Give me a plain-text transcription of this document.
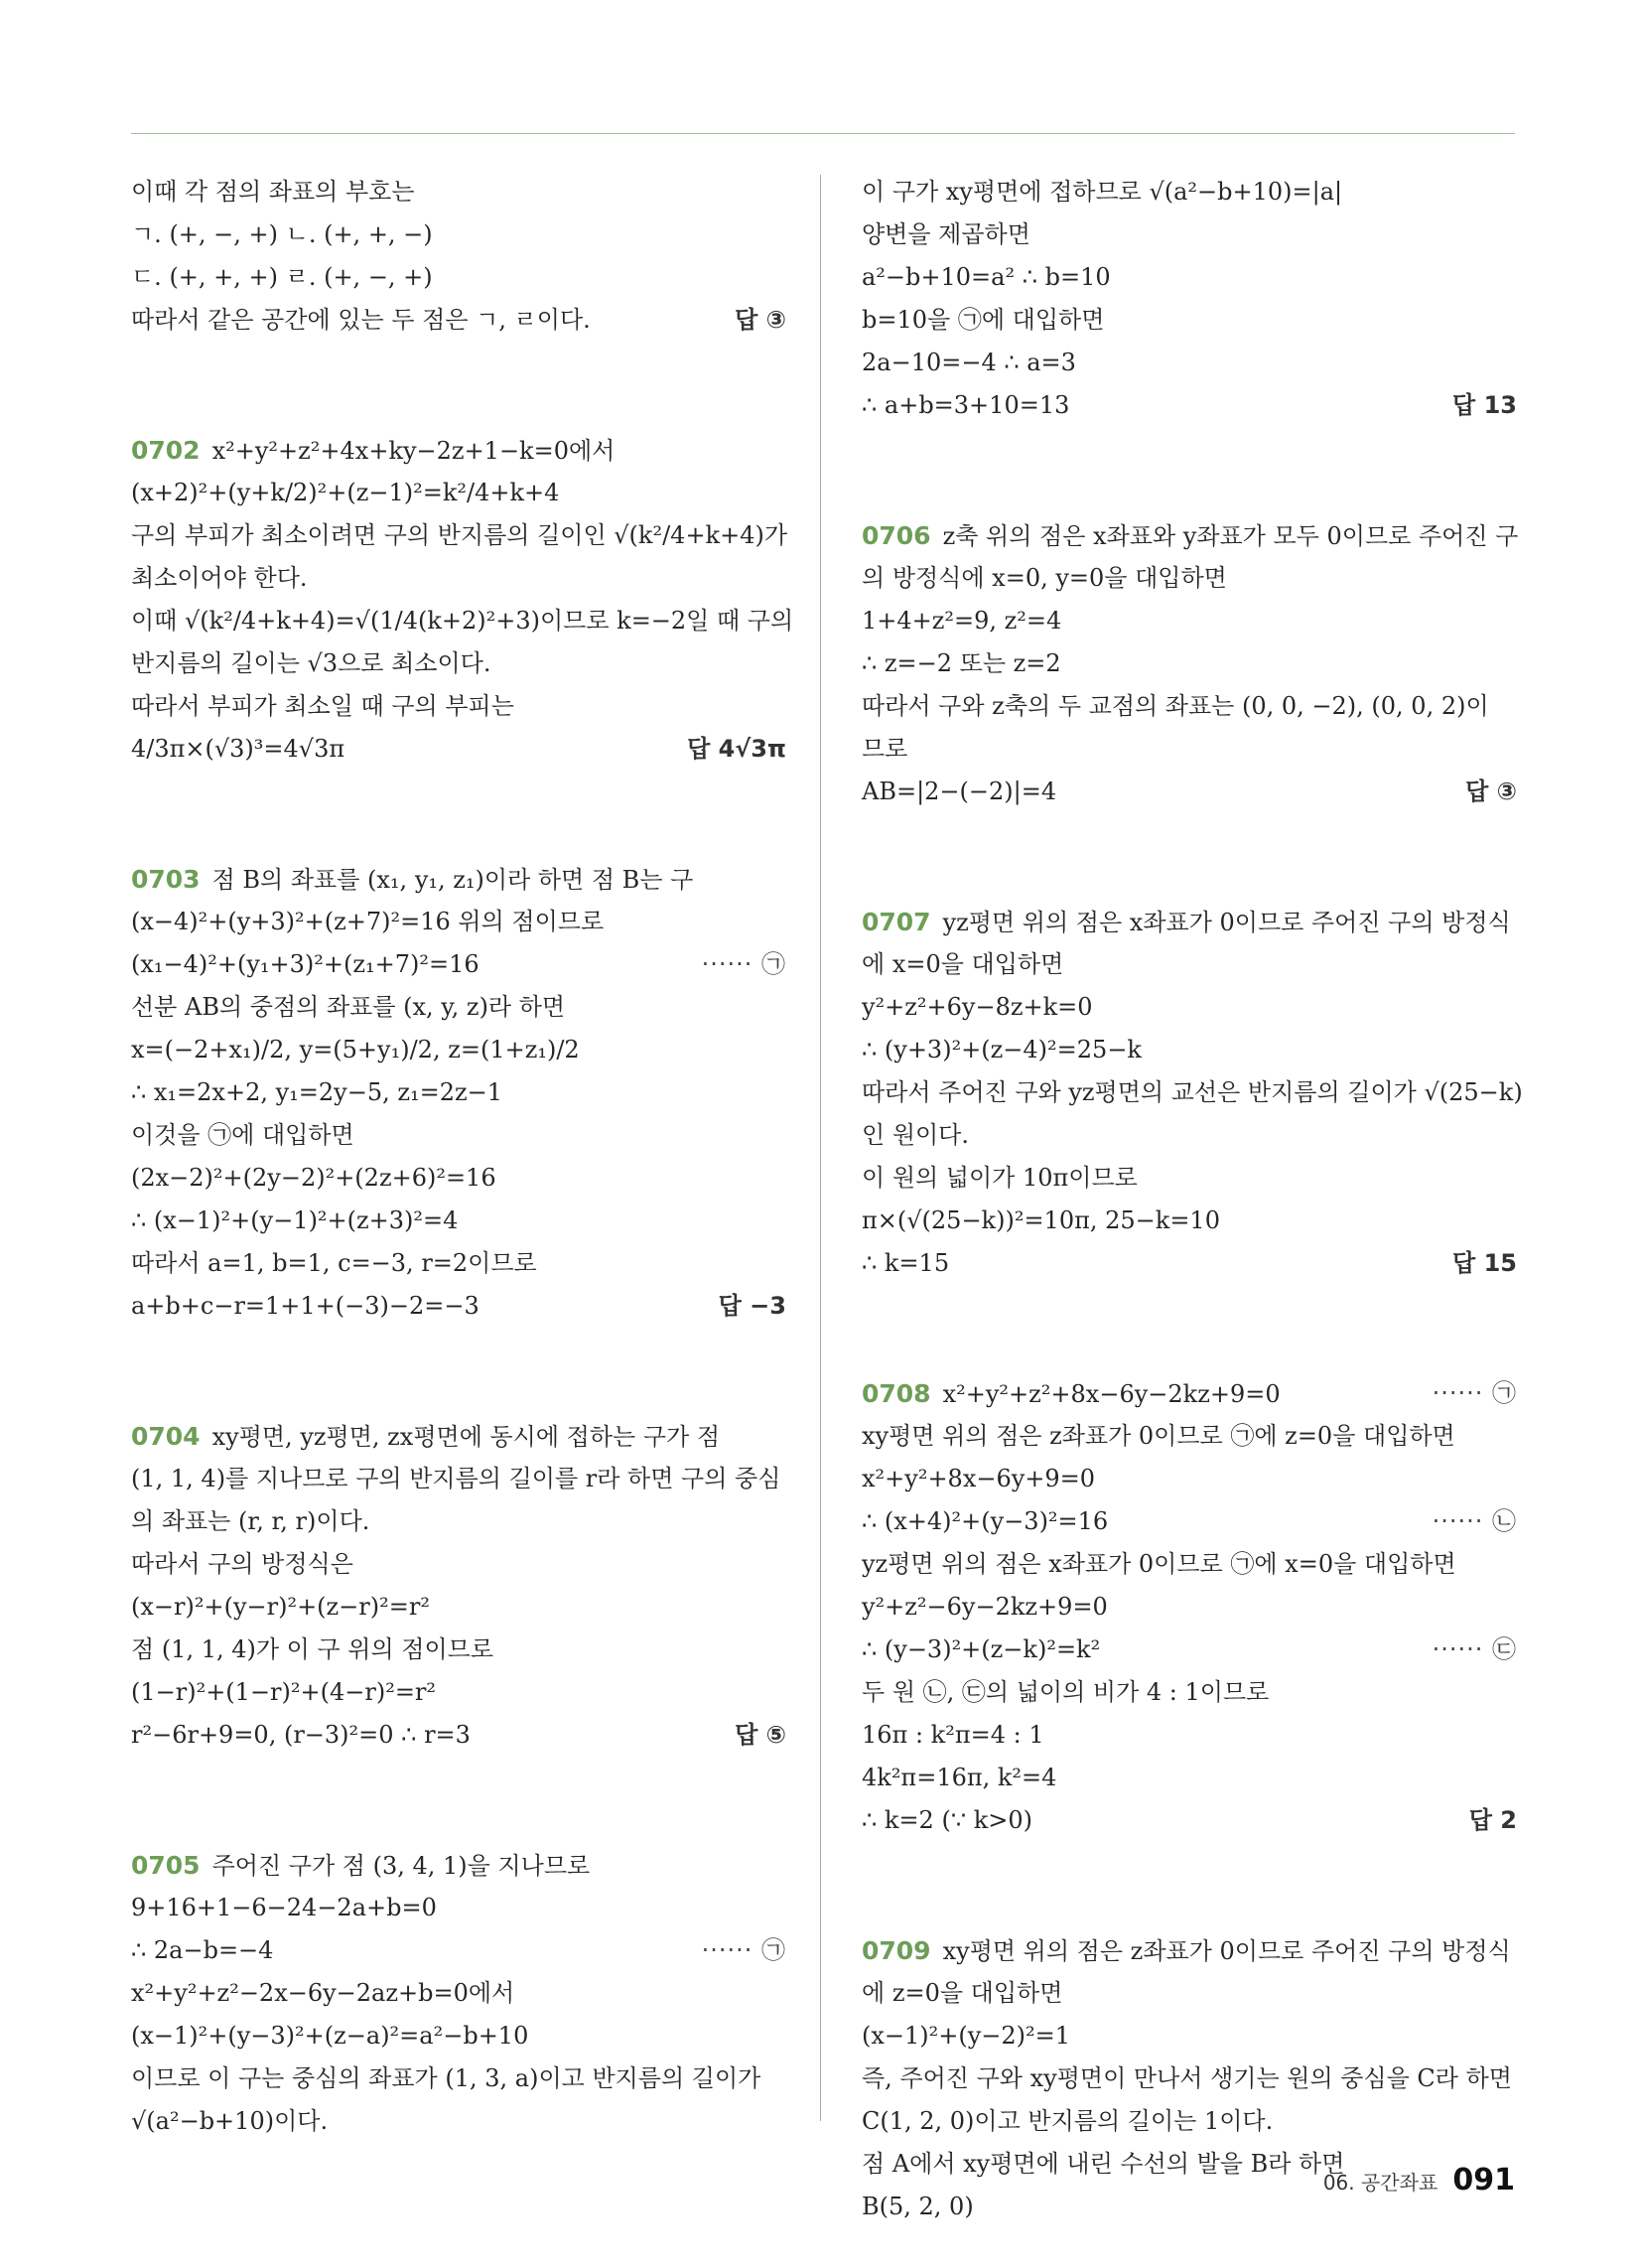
이때 각 점의 좌표의 부호는
ㄱ. (+, −, +) ㄴ. (+, +, −)
ㄷ. (+, +, +) ㄹ. (+, −, +)
따라서 같은 공간에 있는 두 점은 ㄱ, ㄹ이다.	답 ③
0702 x²+y²+z²+4x+ky−2z+1−k=0에서
(x+2)²+(y+k/2)²+(z−1)²=k²/4+k+4
구의 부피가 최소이려면 구의 반지름의 길이인 √(k²/4+k+4)가
최소이어야 한다.
이때 √(k²/4+k+4)=√(1/4(k+2)²+3)이므로 k=−2일 때 구의
반지름의 길이는 √3으로 최소이다.
따라서 부피가 최소일 때 구의 부피는
4/3π×(√3)³=4√3π	답 4√3π
0703 점 B의 좌표를 (x₁, y₁, z₁)이라 하면 점 B는 구
(x−4)²+(y+3)²+(z+7)²=16 위의 점이므로
(x₁−4)²+(y₁+3)²+(z₁+7)²=16	······ ㉠
선분 AB의 중점의 좌표를 (x, y, z)라 하면
x=(−2+x₁)/2, y=(5+y₁)/2, z=(1+z₁)/2
∴ x₁=2x+2, y₁=2y−5, z₁=2z−1
이것을 ㉠에 대입하면
(2x−2)²+(2y−2)²+(2z+6)²=16
∴ (x−1)²+(y−1)²+(z+3)²=4
따라서 a=1, b=1, c=−3, r=2이므로
a+b+c−r=1+1+(−3)−2=−3	답 −3
0704 xy평면, yz평면, zx평면에 동시에 접하는 구가 점
(1, 1, 4)를 지나므로 구의 반지름의 길이를 r라 하면 구의 중심
의 좌표는 (r, r, r)이다.
따라서 구의 방정식은
(x−r)²+(y−r)²+(z−r)²=r²
점 (1, 1, 4)가 이 구 위의 점이므로
(1−r)²+(1−r)²+(4−r)²=r²
r²−6r+9=0, (r−3)²=0 ∴ r=3	답 ⑤
0705 주어진 구가 점 (3, 4, 1)을 지나므로
9+16+1−6−24−2a+b=0
∴ 2a−b=−4	······ ㉠
x²+y²+z²−2x−6y−2az+b=0에서
(x−1)²+(y−3)²+(z−a)²=a²−b+10
이므로 이 구는 중심의 좌표가 (1, 3, a)이고 반지름의 길이가
√(a²−b+10)이다.
이 구가 xy평면에 접하므로 √(a²−b+10)=|a|
양변을 제곱하면
a²−b+10=a² ∴ b=10
b=10을 ㉠에 대입하면
2a−10=−4 ∴ a=3
∴ a+b=3+10=13	답 13
0706 z축 위의 점은 x좌표와 y좌표가 모두 0이므로 주어진 구
의 방정식에 x=0, y=0을 대입하면
1+4+z²=9, z²=4
∴ z=−2 또는 z=2
따라서 구와 z축의 두 교점의 좌표는 (0, 0, −2), (0, 0, 2)이
므로
AB=|2−(−2)|=4	답 ③
0707 yz평면 위의 점은 x좌표가 0이므로 주어진 구의 방정식
에 x=0을 대입하면
y²+z²+6y−8z+k=0
∴ (y+3)²+(z−4)²=25−k
따라서 주어진 구와 yz평면의 교선은 반지름의 길이가 √(25−k)
인 원이다.
이 원의 넓이가 10π이므로
π×(√(25−k))²=10π, 25−k=10
∴ k=15	답 15
0708 x²+y²+z²+8x−6y−2kz+9=0	······ ㉠
xy평면 위의 점은 z좌표가 0이므로 ㉠에 z=0을 대입하면
x²+y²+8x−6y+9=0
∴ (x+4)²+(y−3)²=16	······ ㉡
yz평면 위의 점은 x좌표가 0이므로 ㉠에 x=0을 대입하면
y²+z²−6y−2kz+9=0
∴ (y−3)²+(z−k)²=k²	······ ㉢
두 원 ㉡, ㉢의 넓이의 비가 4 : 1이므로
16π : k²π=4 : 1
4k²π=16π, k²=4
∴ k=2 (∵ k>0)	답 2
0709 xy평면 위의 점은 z좌표가 0이므로 주어진 구의 방정식
에 z=0을 대입하면
(x−1)²+(y−2)²=1
즉, 주어진 구와 xy평면이 만나서 생기는 원의 중심을 C라 하면
C(1, 2, 0)이고 반지름의 길이는 1이다.
점 A에서 xy평면에 내린 수선의 발을 B라 하면
B(5, 2, 0)
06. 공간좌표 091
